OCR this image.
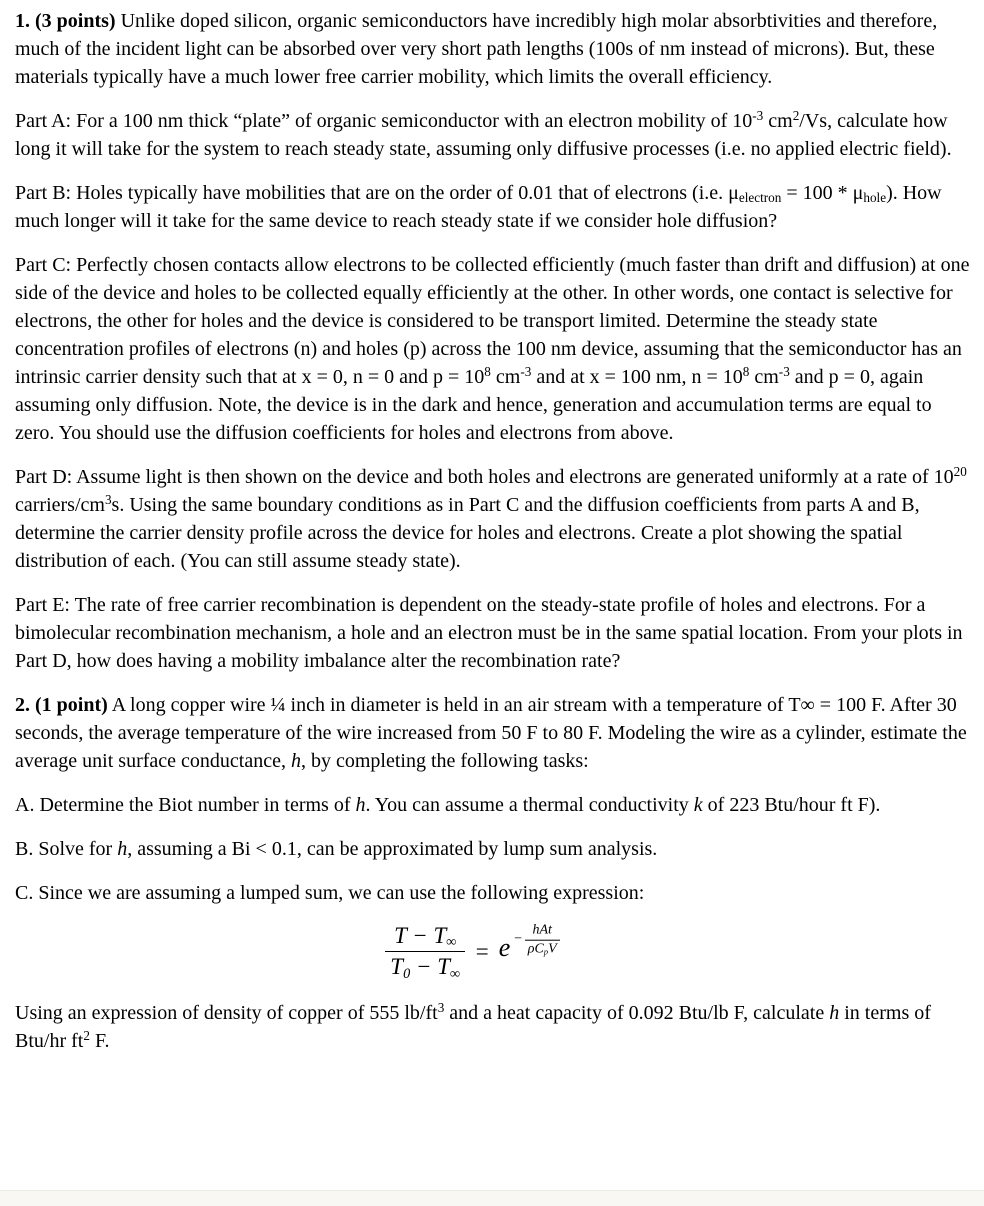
1. (3 points) Unlike doped silicon, organic semiconductors have incredibly high molar absorbtivities and therefore, much of the incident light can be absorbed over very short path lengths (100s of nm instead of microns). But, these materials typically have a much lower free carrier mobility, which limits the overall efficiency.

Part A: For a 100 nm thick “plate” of organic semiconductor with an electron mobility of $10^{-3}$ $cm^2/Vs$, calculate how long it will take for the system to reach steady state, assuming only diffusive processes (i.e. no applied electric field).

Part B: Holes typically have mobilities that are on the order of 0.01 that of electrons (i.e. $\mu_{electron} = 100 * \mu_{hole}$). How much longer will it take for the same device to reach steady state if we consider hole diffusion?

Part C: Perfectly chosen contacts allow electrons to be collected efficiently (much faster than drift and diffusion) at one side of the device and holes to be collected equally efficiently at the other. In other words, one contact is selective for electrons, the other for holes and the device is considered to be transport limited. Determine the steady state concentration profiles of electrons (n) and holes (p) across the 100 nm device, assuming that the semiconductor has an intrinsic carrier density such that at x = 0, n = 0 and $p = 10^8$ $cm^{-3}$ and at x = 100 nm, $n = 10^8$ $cm^{-3}$ and p = 0, again assuming only diffusion. Note, the device is in the dark and hence, generation and accumulation terms are equal to zero. You should use the diffusion coefficients for holes and electrons from above.

Part D: Assume light is then shown on the device and both holes and electrons are generated uniformly at a rate of $10^{20}$ carriers/$cm^3s$. Using the same boundary conditions as in Part C and the diffusion coefficients from parts A and B, determine the carrier density profile across the device for holes and electrons. Create a plot showing the spatial distribution of each. (You can still assume steady state).

Part E: The rate of free carrier recombination is dependent on the steady-state profile of holes and electrons. For a bimolecular recombination mechanism, a hole and an electron must be in the same spatial location. From your plots in Part D, how does having a mobility imbalance alter the recombination rate?

2. (1 point) A long copper wire ¼ inch in diameter is held in an air stream with a temperature of T∞ = 100 F. After 30 seconds, the average temperature of the wire increased from 50 F to 80 F. Modeling the wire as a cylinder, estimate the average unit surface conductance, h, by completing the following tasks:

A. Determine the Biot number in terms of h. You can assume a thermal conductivity k of 223 Btu/hour ft F).

B. Solve for h, assuming a Bi < 0.1, can be approximated by lump sum analysis.

C. Since we are assuming a lumped sum, we can use the following expression:

$\frac{T - T_\infty}{T_0 - T_\infty} = e - \frac{\text{hAt}}{\rho C_pV}$

Using an expression of density of copper of 555 $lb/ft^3$ and a heat capacity of 0.092 Btu/lb F, calculate h in terms of Btu/hr $ft^2$ F.
